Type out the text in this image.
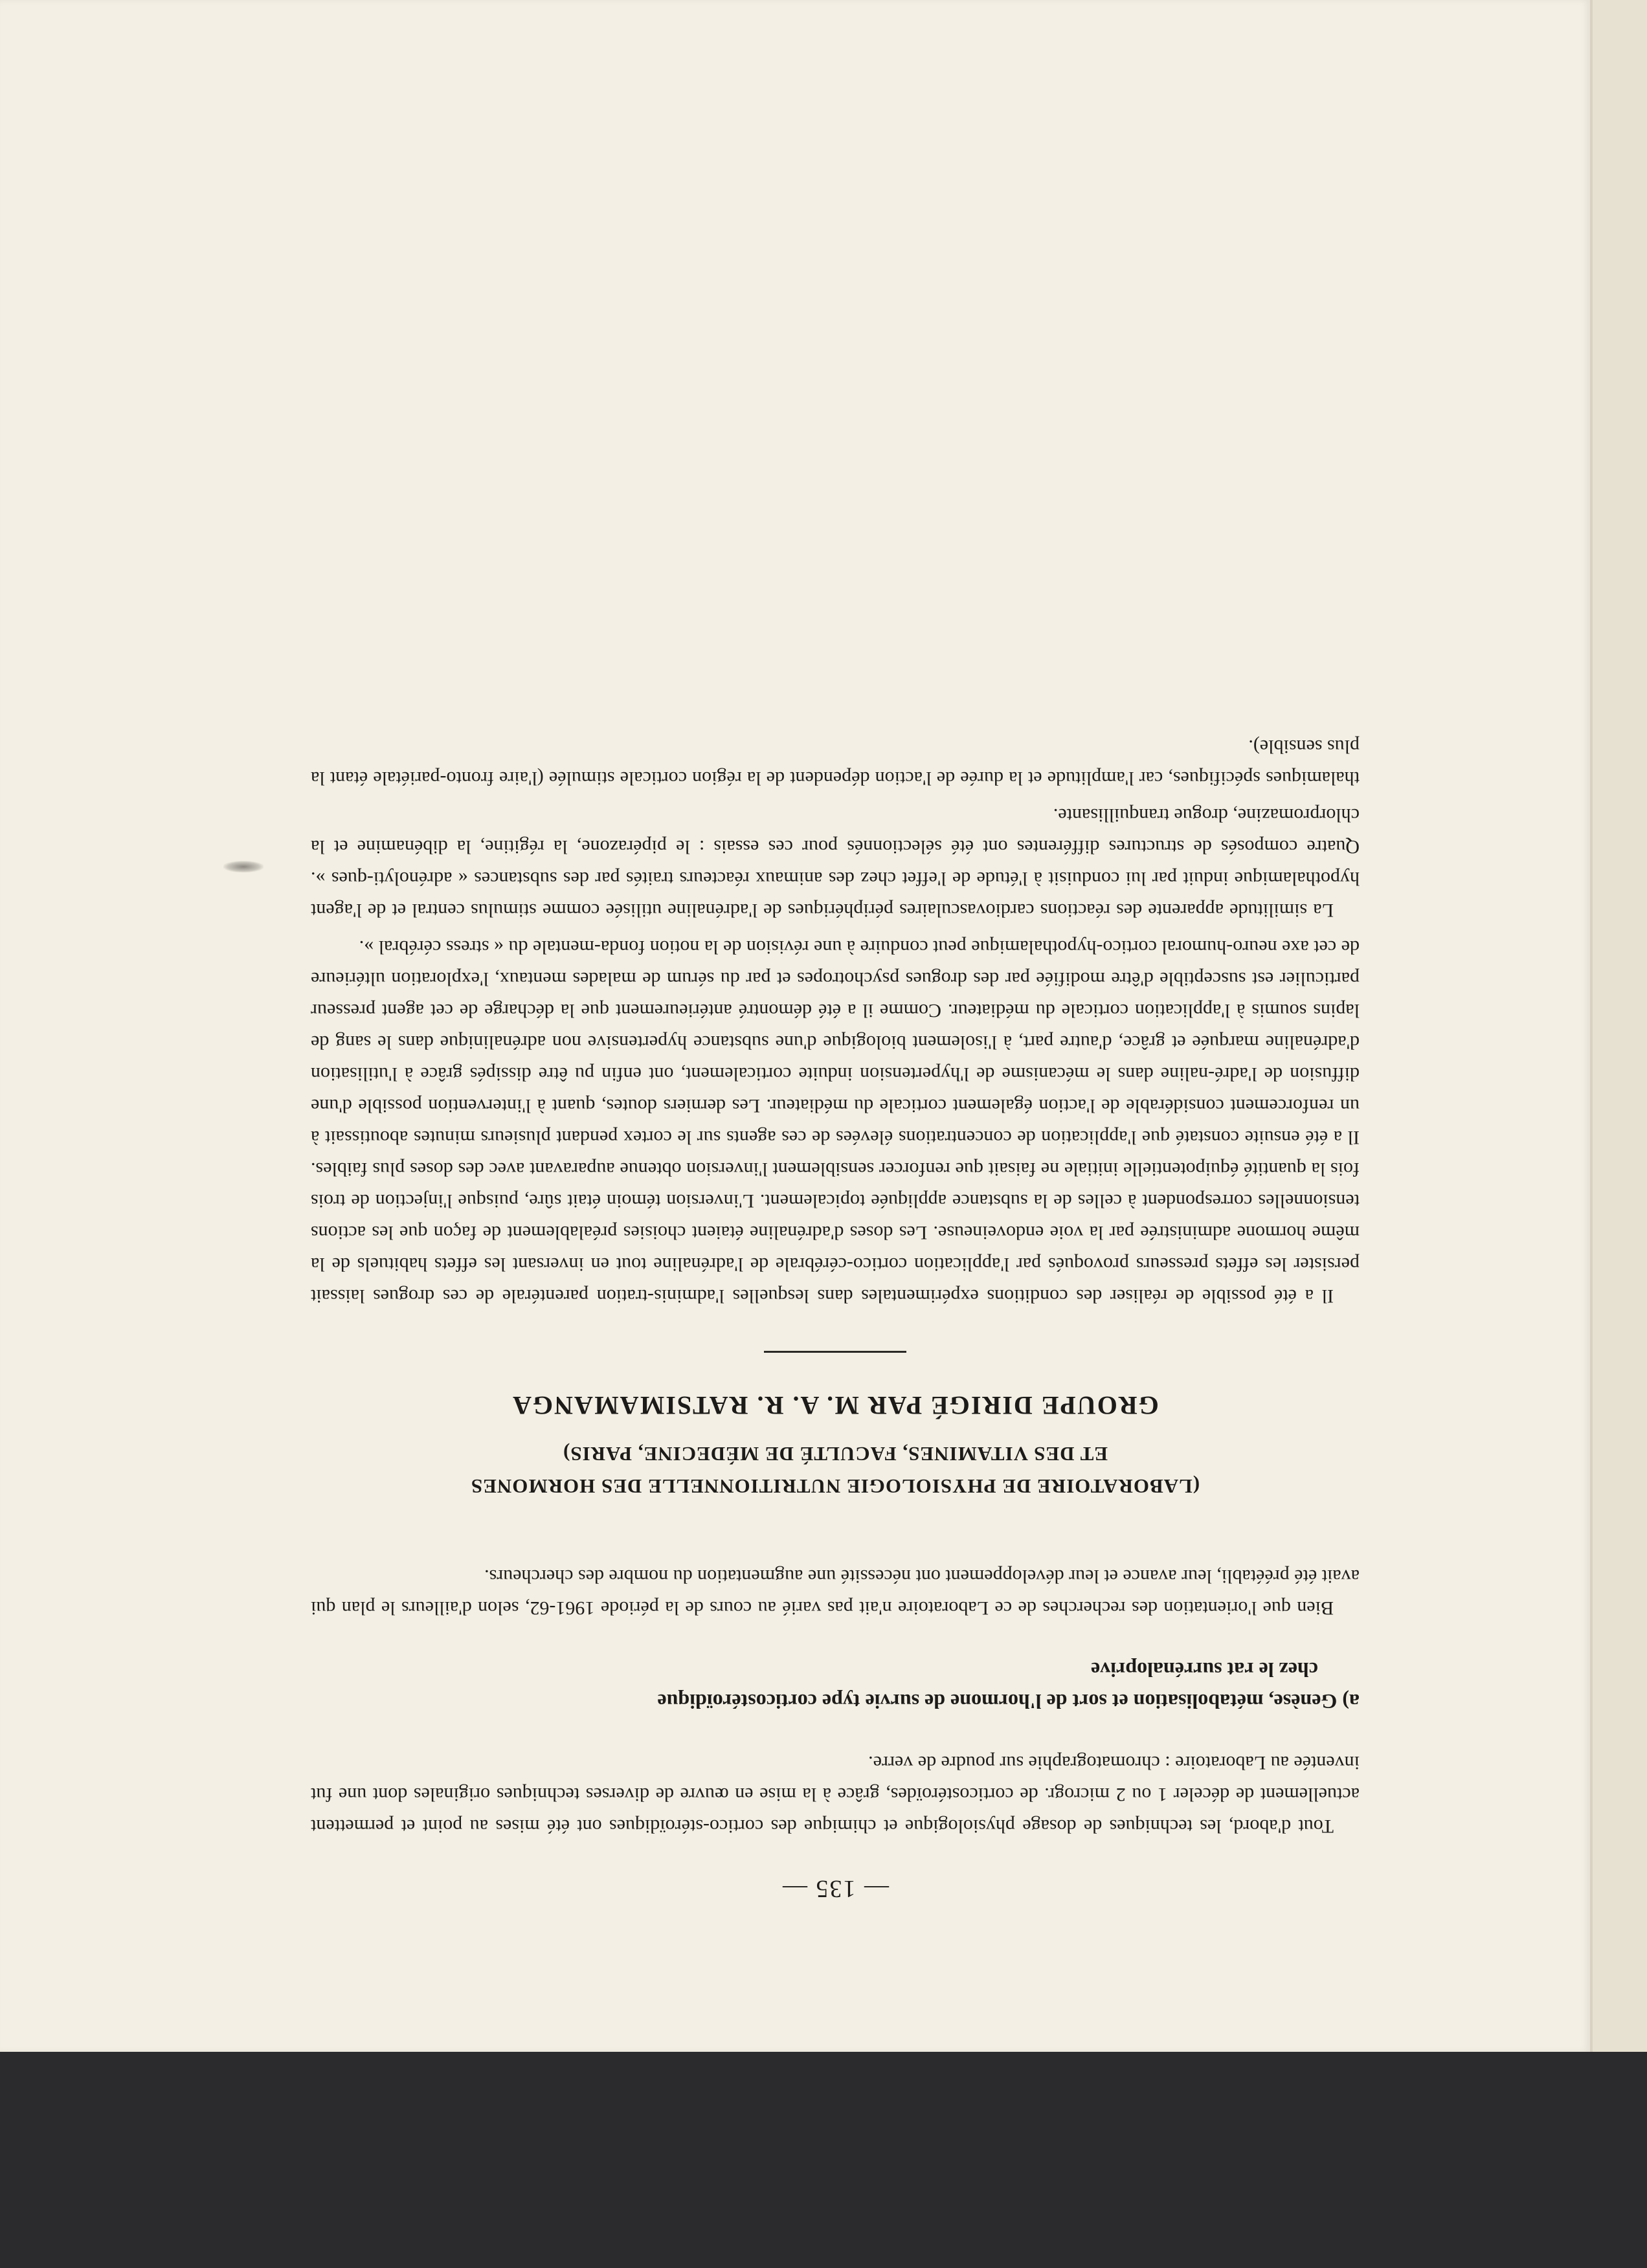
— 135 —

Tout d'abord, les techniques de dosage physiologique et chimique des cortico-stéroïdiques ont été mises au point et permettent actuellement de déceler 1 ou 2 microgr. de corticostéroïdes, grâce à la mise en œuvre de diverses techniques originales dont une fut inventée au Laboratoire : chromatographie sur poudre de verre.

a) Genèse, métabolisation et sort de l'hormone de survie type corticostéroïdique
chez le rat surrénaloprive

Bien que l'orientation des recherches de ce Laboratoire n'ait pas varié au cours de la période 1961-62, selon d'ailleurs le plan qui avait été préétabli, leur avance et leur développement ont nécessité une augmentation du nombre des chercheurs.

(LABORATOIRE DE PHYSIOLOGIE NUTRITIONNELLE DES HORMONES
ET DES VITAMINES, FACULTÉ DE MÉDECINE, PARIS)
GROUPE DIRIGÉ PAR M. A. R. RATSIMAMANGA

Il a été possible de réaliser des conditions expérimentales dans lesquelles l'adminis-tration parentérale de ces drogues laissait persister les effets presseurs provoqués par l'application cortico-cérébrale de l'adrénaline tout en inversant les effets habituels de la même hormone administrée par la voie endoveineuse. Les doses d'adrénaline étaient choisies préalablement de façon que les actions tensionnelles correspondent à celles de la substance appliquée topicalement. L'inversion témoin était sûre, puisque l'injection de trois fois la quantité équipotentielle initiale ne faisait que renforcer sensiblement l'inversion obtenue auparavant avec des doses plus faibles. Il a été ensuite constaté que l'application de concentrations élevées de ces agents sur le cortex pendant plusieurs minutes aboutissait à un renforcement considérable de l'action également corticale du médiateur. Les derniers doutes, quant à l'intervention possible d'une diffusion de l'adré-naline dans le mécanisme de l'hypertension induite corticalement, ont enfin pu être dissipés grâce à l'utilisation d'adrénaline marquée et grâce, d'autre part, à l'isolement biologique d'une substance hypertensive non adrénalinique dans le sang de lapins soumis à l'application corticale du médiateur. Comme il a été démontré antérieurement que la décharge de cet agent presseur particulier est susceptible d'être modifiée par des drogues psychotropes et par du sérum de malades mentaux, l'exploration ultérieure de cet axe neuro-humoral cortico-hypothalamique peut conduire à une révision de la notion fonda-mentale du « stress cérébral ».

La similitude apparente des réactions cardiovasculaires périphériques de l'adrénaline utilisée comme stimulus central et de l'agent hypothalamique induit par lui conduisit à l'étude de l'effet chez des animaux réacteurs traités par des substances « adrénolyti-ques ». Quatre composés de structures différentes ont été sélectionnés pour ces essais : le pipérazone, la régitine, la dibénamine et la chlorpromazine, drogue tranquillisante.

thalamiques spécifiques, car l'amplitude et la durée de l'action dépendent de la région corticale stimulée (l'aire fronto-pariétale étant la plus sensible).
